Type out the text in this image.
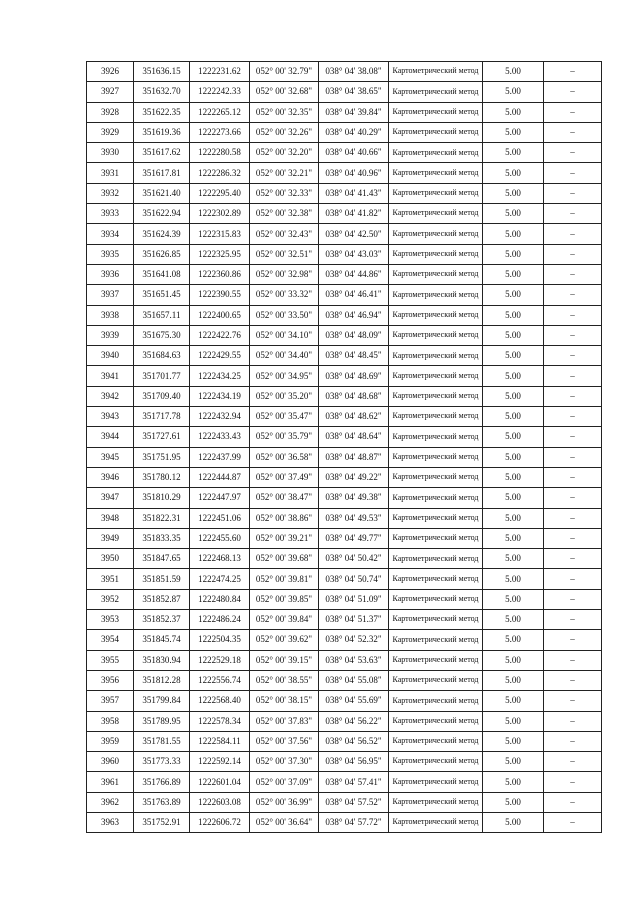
3926	351636.15	1222231.62	052° 00' 32.79"	038° 04' 38.08"	Картометрический метод	5.00	–
3927	351632.70	1222242.33	052° 00' 32.68"	038° 04' 38.65"	Картометрический метод	5.00	–
3928	351622.35	1222265.12	052° 00' 32.35"	038° 04' 39.84"	Картометрический метод	5.00	–
3929	351619.36	1222273.66	052° 00' 32.26"	038° 04' 40.29"	Картометрический метод	5.00	–
3930	351617.62	1222280.58	052° 00' 32.20"	038° 04' 40.66"	Картометрический метод	5.00	–
3931	351617.81	1222286.32	052° 00' 32.21"	038° 04' 40.96"	Картометрический метод	5.00	–
3932	351621.40	1222295.40	052° 00' 32.33"	038° 04' 41.43"	Картометрический метод	5.00	–
3933	351622.94	1222302.89	052° 00' 32.38"	038° 04' 41.82"	Картометрический метод	5.00	–
3934	351624.39	1222315.83	052° 00' 32.43"	038° 04' 42.50"	Картометрический метод	5.00	–
3935	351626.85	1222325.95	052° 00' 32.51"	038° 04' 43.03"	Картометрический метод	5.00	–
3936	351641.08	1222360.86	052° 00' 32.98"	038° 04' 44.86"	Картометрический метод	5.00	–
3937	351651.45	1222390.55	052° 00' 33.32"	038° 04' 46.41"	Картометрический метод	5.00	–
3938	351657.11	1222400.65	052° 00' 33.50"	038° 04' 46.94"	Картометрический метод	5.00	–
3939	351675.30	1222422.76	052° 00' 34.10"	038° 04' 48.09"	Картометрический метод	5.00	–
3940	351684.63	1222429.55	052° 00' 34.40"	038° 04' 48.45"	Картометрический метод	5.00	–
3941	351701.77	1222434.25	052° 00' 34.95"	038° 04' 48.69"	Картометрический метод	5.00	–
3942	351709.40	1222434.19	052° 00' 35.20"	038° 04' 48.68"	Картометрический метод	5.00	–
3943	351717.78	1222432.94	052° 00' 35.47"	038° 04' 48.62"	Картометрический метод	5.00	–
3944	351727.61	1222433.43	052° 00' 35.79"	038° 04' 48.64"	Картометрический метод	5.00	–
3945	351751.95	1222437.99	052° 00' 36.58"	038° 04' 48.87"	Картометрический метод	5.00	–
3946	351780.12	1222444.87	052° 00' 37.49"	038° 04' 49.22"	Картометрический метод	5.00	–
3947	351810.29	1222447.97	052° 00' 38.47"	038° 04' 49.38"	Картометрический метод	5.00	–
3948	351822.31	1222451.06	052° 00' 38.86"	038° 04' 49.53"	Картометрический метод	5.00	–
3949	351833.35	1222455.60	052° 00' 39.21"	038° 04' 49.77"	Картометрический метод	5.00	–
3950	351847.65	1222468.13	052° 00' 39.68"	038° 04' 50.42"	Картометрический метод	5.00	–
3951	351851.59	1222474.25	052° 00' 39.81"	038° 04' 50.74"	Картометрический метод	5.00	–
3952	351852.87	1222480.84	052° 00' 39.85"	038° 04' 51.09"	Картометрический метод	5.00	–
3953	351852.37	1222486.24	052° 00' 39.84"	038° 04' 51.37"	Картометрический метод	5.00	–
3954	351845.74	1222504.35	052° 00' 39.62"	038° 04' 52.32"	Картометрический метод	5.00	–
3955	351830.94	1222529.18	052° 00' 39.15"	038° 04' 53.63"	Картометрический метод	5.00	–
3956	351812.28	1222556.74	052° 00' 38.55"	038° 04' 55.08"	Картометрический метод	5.00	–
3957	351799.84	1222568.40	052° 00' 38.15"	038° 04' 55.69"	Картометрический метод	5.00	–
3958	351789.95	1222578.34	052° 00' 37.83"	038° 04' 56.22"	Картометрический метод	5.00	–
3959	351781.55	1222584.11	052° 00' 37.56"	038° 04' 56.52"	Картометрический метод	5.00	–
3960	351773.33	1222592.14	052° 00' 37.30"	038° 04' 56.95"	Картометрический метод	5.00	–
3961	351766.89	1222601.04	052° 00' 37.09"	038° 04' 57.41"	Картометрический метод	5.00	–
3962	351763.89	1222603.08	052° 00' 36.99"	038° 04' 57.52"	Картометрический метод	5.00	–
3963	351752.91	1222606.72	052° 00' 36.64"	038° 04' 57.72"	Картометрический метод	5.00	–
